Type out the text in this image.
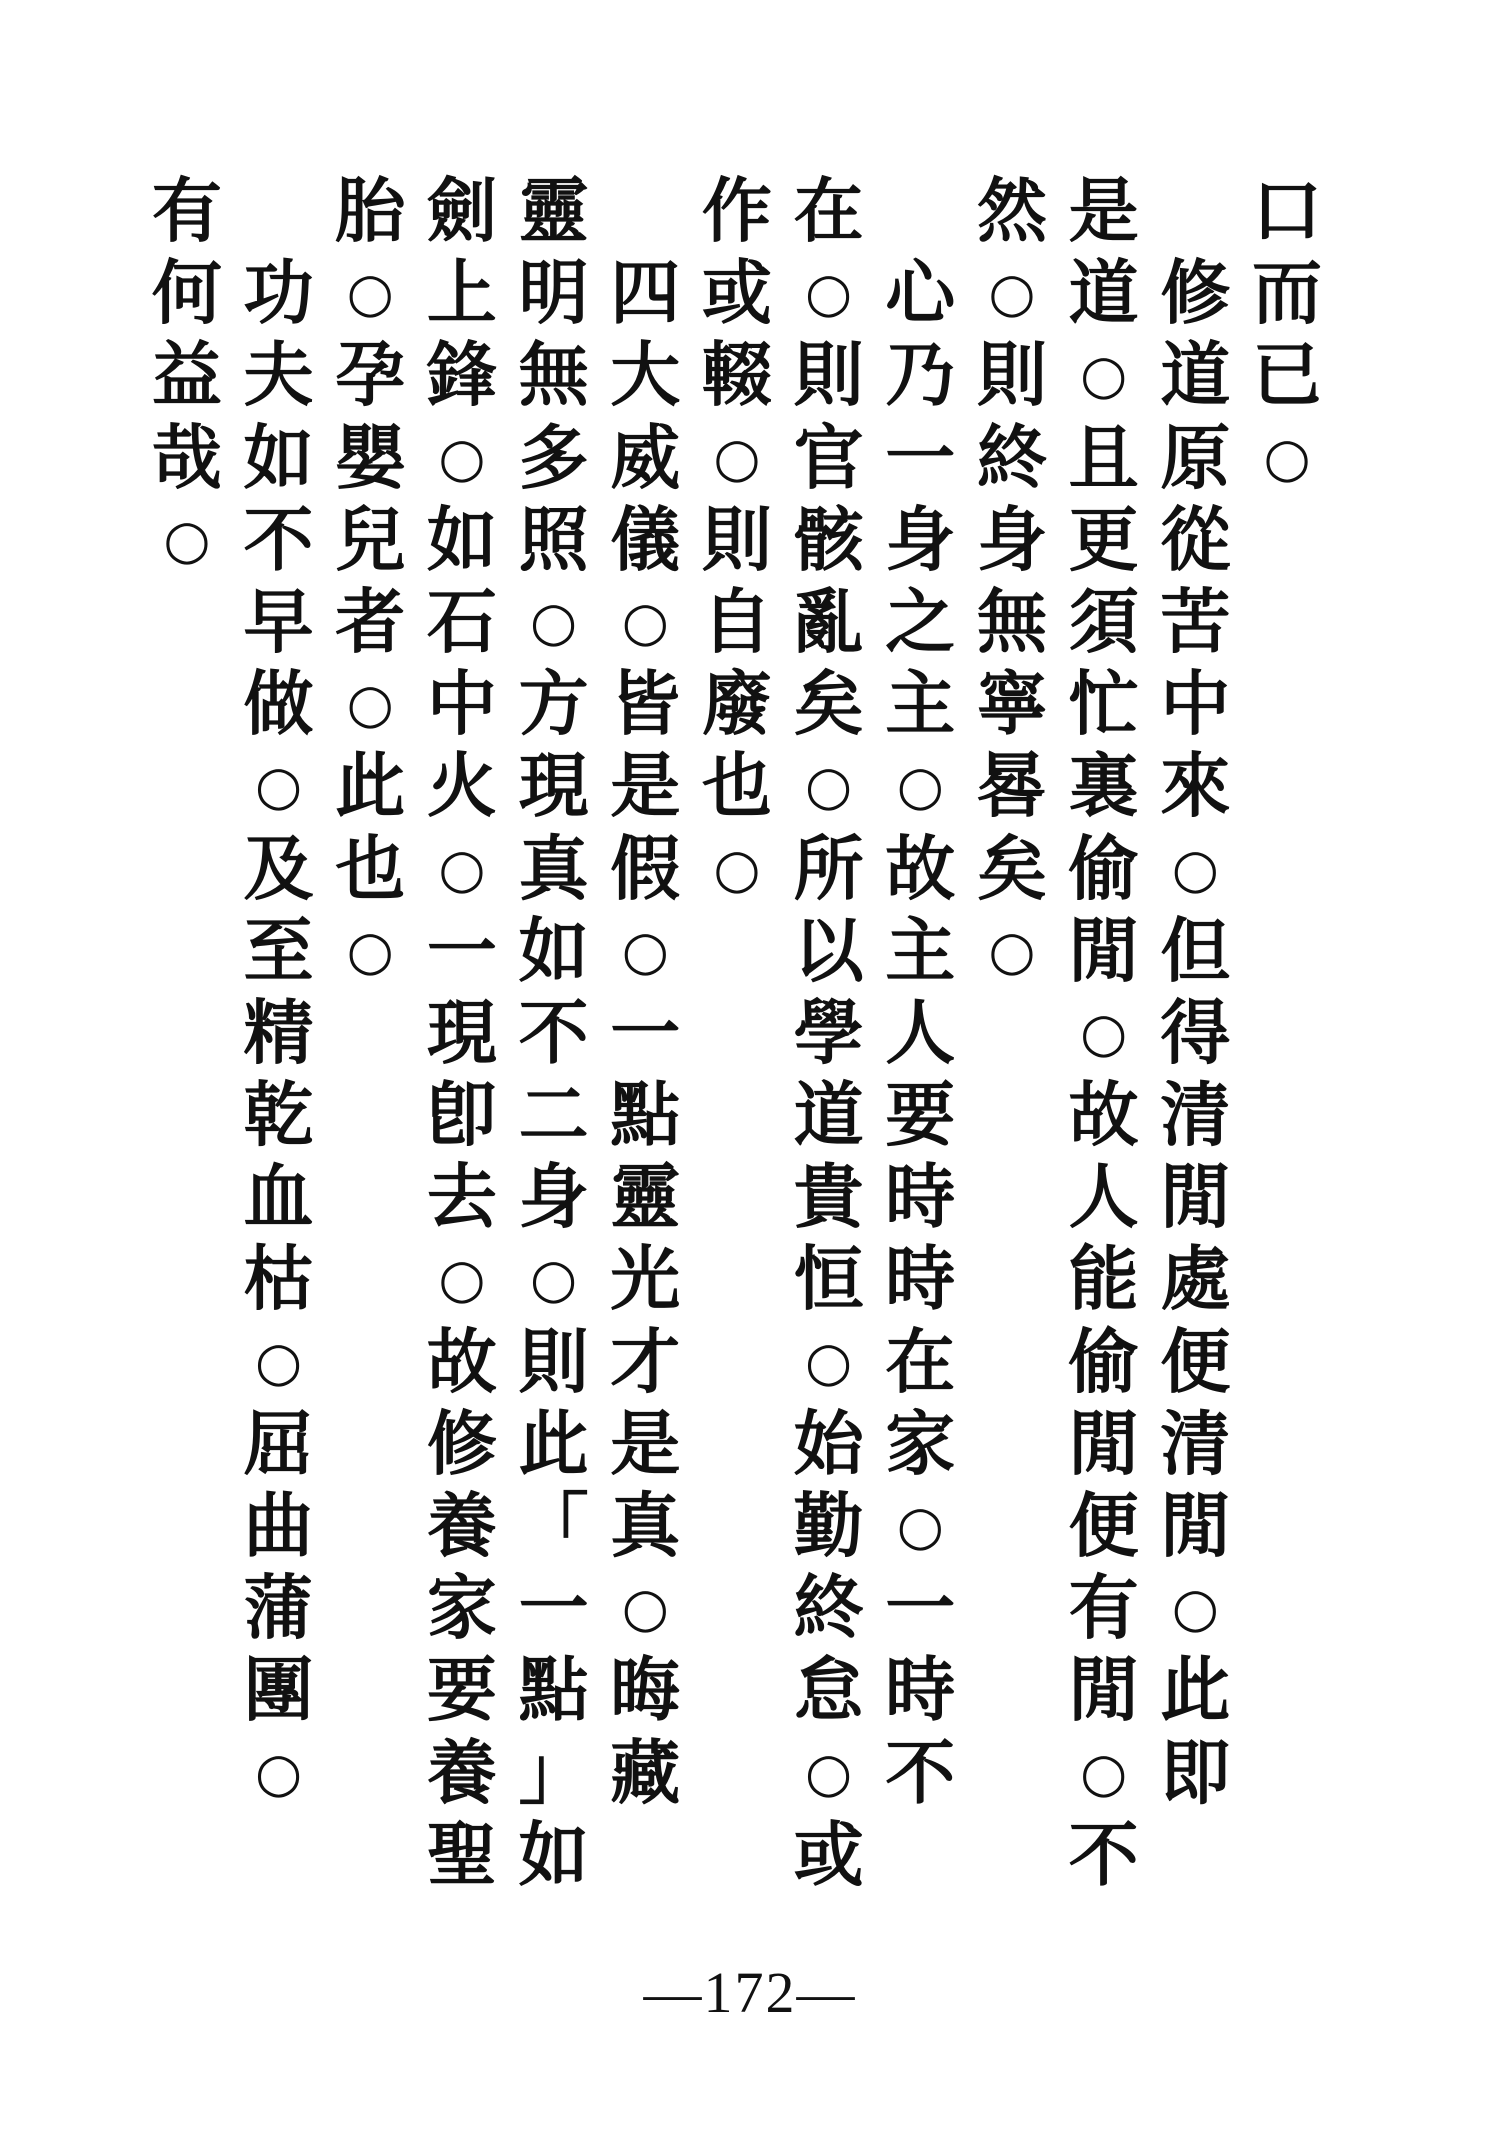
口
而
已
○

修
道
原
從
苦
中
來
○
但
得
清
閒
處
便
清
閒
○
此
即
是
道
○
且
更
須
忙
裏
偷
閒
○
故
人
能
偷
閒
便
有
閒
○
不
然
○
則
終
身
無
寧
晷
矣
○

心
乃
一
身
之
主
○
故
主
人
要
時
時
在
家
○
一
時
不
在
○
則
官
骸
亂
矣
○
所
以
學
道
貴
恒
○
始
勤
終
怠
○
或
作
或
輟
○
則
自
廢
也
○

四
大
威
儀
○
皆
是
假
○
一
點
靈
光
才
是
真
○
晦
藏
靈
明
無
多
照
○
方
現
真
如
不
二
身
○
則
此
「
一
點
」
如
劍
上
鋒
○
如
石
中
火
○
一
現
卽
去
○
故
修
養
家
要
養
聖
胎
○
孕
嬰
兒
者
○
此
也
○

功
夫
如
不
早
做
○
及
至
精
乾
血
枯
○
屈
曲
蒲
團
○
有
何
益
哉
○
—172—
